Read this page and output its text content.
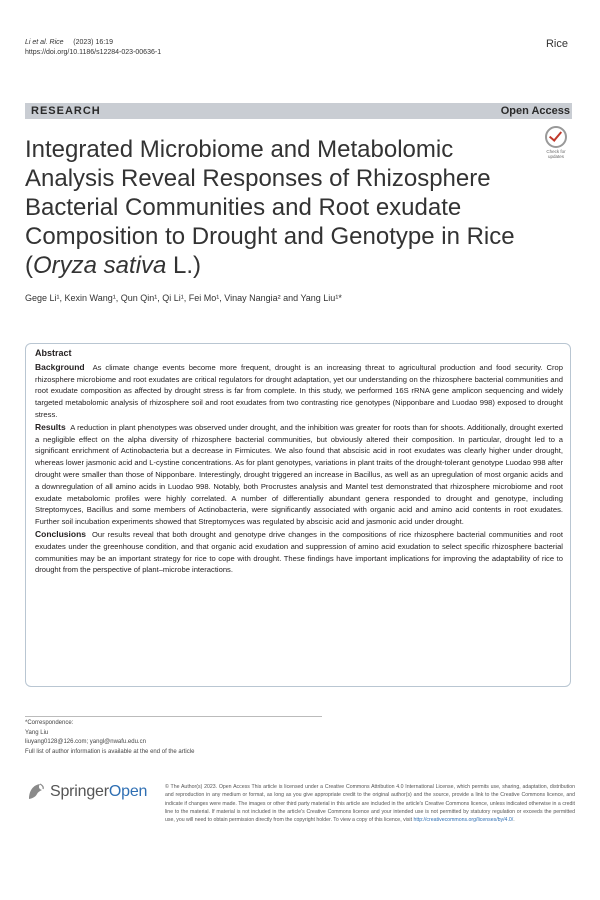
Li et al. Rice (2023) 16:19
https://doi.org/10.1186/s12284-023-00636-1
Rice
RESEARCH	Open Access
Check for
updates
Integrated Microbiome and Metabolomic Analysis Reveal Responses of Rhizosphere Bacterial Communities and Root exudate Composition to Drought and Genotype in Rice (Oryza sativa L.)
Gege Li¹, Kexin Wang¹, Qun Qin¹, Qi Li¹, Fei Mo¹, Vinay Nangia² and Yang Liu¹*
Abstract

Background As climate change events become more frequent, drought is an increasing threat to agricultural production and food security. Crop rhizosphere microbiome and root exudates are critical regulators for drought adaptation, yet our understanding on the rhizosphere bacterial communities and root exudate composition as affected by drought stress is far from complete. In this study, we performed 16S rRNA gene amplicon sequencing and widely targeted metabolomic analysis of rhizosphere soil and root exudates from two contrasting rice genotypes (Nipponbare and Luodao 998) exposed to drought stress.

Results A reduction in plant phenotypes was observed under drought, and the inhibition was greater for roots than for shoots. Additionally, drought exerted a negligible effect on the alpha diversity of rhizosphere bacterial communities, but obviously altered their composition. In particular, drought led to a significant enrichment of Actinobacteria but a decrease in Firmicutes. We also found that abscisic acid in root exudates was clearly higher under drought, whereas lower jasmonic acid and L-cystine concentrations. As for plant genotypes, variations in plant traits of the drought-tolerant genotype Luodao 998 after drought were smaller than those of Nipponbare. Interestingly, drought triggered an increase in Bacillus, as well as an upregulation of most organic acids and a downregulation of all amino acids in Luodao 998. Notably, both Procrustes analysis and Mantel test demonstrated that rhizosphere microbiome and root exudate metabolomic profiles were highly correlated. A number of differentially abundant genera responded to drought and genotype, including Streptomyces, Bacillus and some members of Actinobacteria, were significantly associated with organic acid and amino acid contents in root exudates. Further soil incubation experiments showed that Streptomyces was regulated by abscisic acid and jasmonic acid under drought.

Conclusions Our results reveal that both drought and genotype drive changes in the compositions of rice rhizosphere bacterial communities and root exudates under the greenhouse condition, and that organic acid exudation and suppression of amino acid exudation to select specific rhizosphere bacterial communities may be an important strategy for rice to cope with drought. These findings have important implications for improving the adaptability of rice to drought from the perspective of plant–microbe interactions.

*Correspondence:
Yang Liu
liuyang0128@126.com; yangl@nwafu.edu.cn
Full list of author information is available at the end of the article
SpringerOpen	© The Author(s) 2023. Open Access This article is licensed under a Creative Commons Attribution 4.0 International License, which permits use, sharing, adaptation, distribution and reproduction in any medium or format, as long as you give appropriate credit to the original author(s) and the source, provide a link to the Creative Commons licence, and indicate if changes were made. The images or other third party material in this article are included in the article's Creative Commons licence, unless indicated otherwise in a credit line to the material. If material is not included in the article's Creative Commons licence and your intended use is not permitted by statutory regulation or exceeds the permitted use, you will need to obtain permission directly from the copyright holder. To view a copy of this licence, visit http://creativecommons.org/licenses/by/4.0/.
